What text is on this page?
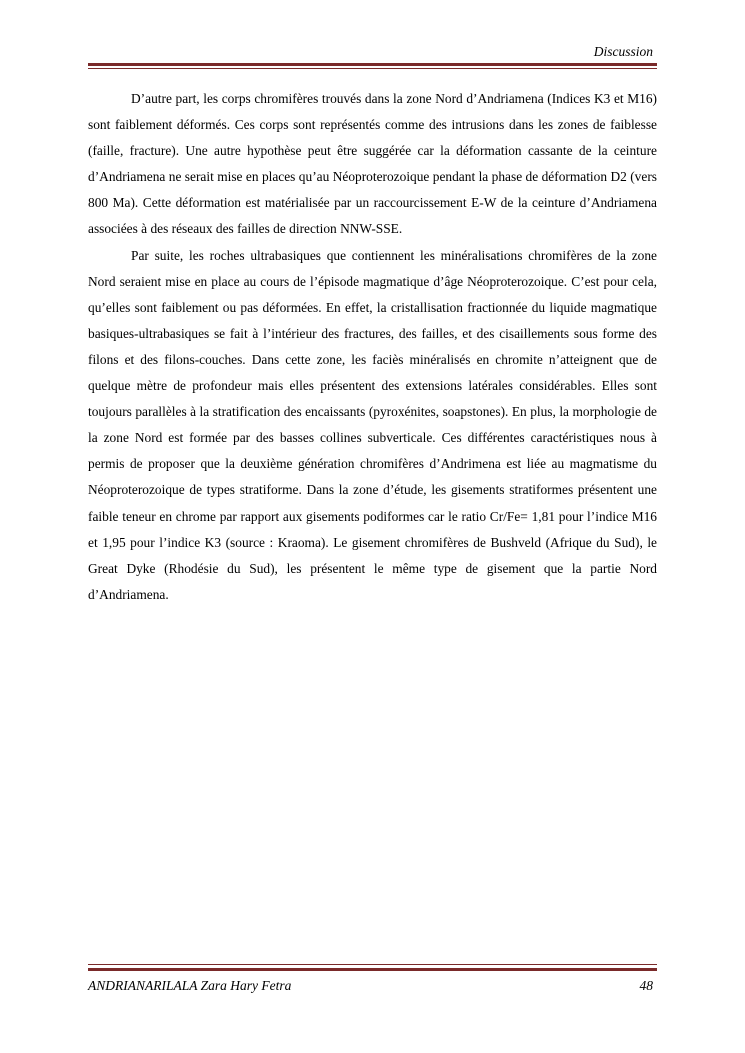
Discussion

D’autre part, les corps chromifères trouvés dans la zone Nord d’Andriamena (Indices K3 et M16) sont faiblement déformés. Ces corps sont représentés comme des intrusions dans les zones de faiblesse (faille, fracture). Une autre hypothèse peut être suggérée car la déformation cassante de la ceinture d’Andriamena ne serait mise en places qu’au Néoproterozoique pendant la phase de déformation D2 (vers 800 Ma). Cette déformation est matérialisée par un raccourcissement E-W de la ceinture d’Andriamena associées à des réseaux des failles de direction NNW-SSE.

Par suite, les roches ultrabasiques que contiennent les minéralisations chromifères de la zone Nord seraient mise en place au cours de l’épisode magmatique d’âge Néoproterozoique. C’est pour cela, qu’elles sont faiblement ou pas déformées. En effet, la cristallisation fractionnée du liquide magmatique basiques-ultrabasiques se fait à l’intérieur des fractures, des failles, et des cisaillements sous forme des filons et des filons-couches. Dans cette zone, les faciès minéralisés en chromite n’atteignent que de quelque mètre de profondeur mais elles présentent des extensions latérales considérables. Elles sont toujours parallèles à la stratification des encaissants (pyroxénites, soapstones). En plus, la morphologie de la zone Nord est formée par des basses collines subverticale. Ces différentes caractéristiques nous à permis de proposer que la deuxième génération chromifères d’Andrimena est liée au magmatisme du Néoproterozoique de types stratiforme. Dans la zone d’étude, les gisements stratiformes présentent une faible teneur en chrome par rapport aux gisements podiformes car le ratio Cr/Fe= 1,81 pour l’indice M16 et 1,95 pour l’indice K3 (source : Kraoma). Le gisement chromifères de Bushveld (Afrique du Sud), le Great Dyke (Rhodésie du Sud), les présentent le même type de gisement que la partie Nord d’Andriamena.

ANDRIANARILALA Zara Hary Fetra	48
